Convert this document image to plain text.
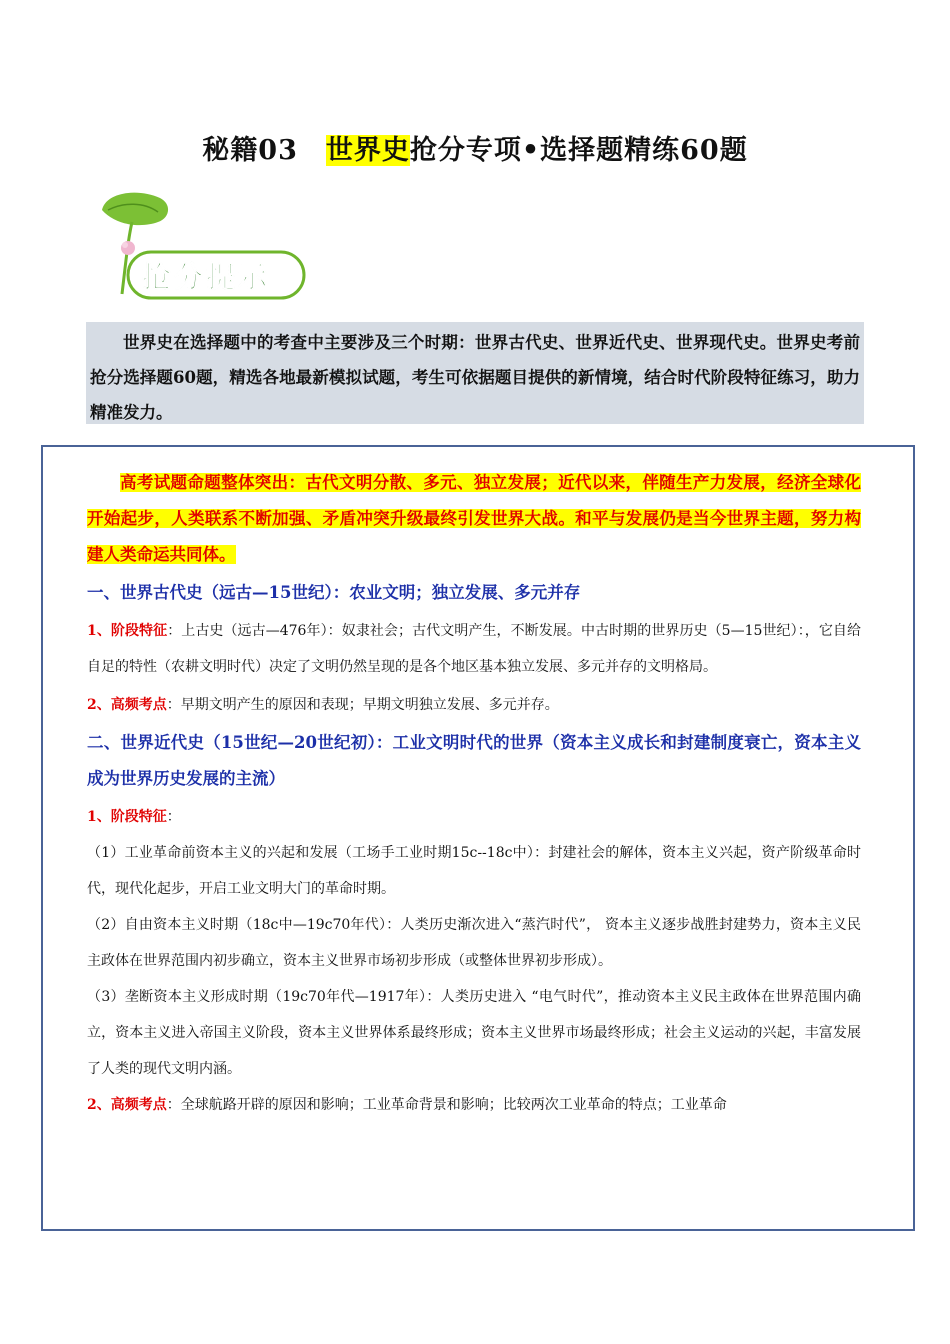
秘籍03 世界史抢分专项•选择题精练60题
抢分提示

世界史在选择题中的考查中主要涉及三个时期：世界古代史、世界近代史、世界现代史。世界史考前抢分选择题60题，精选各地最新模拟试题，考生可依据题目提供的新情境，结合时代阶段特征练习，助力精准发力。

高考试题命题整体突出：古代文明分散、多元、独立发展；近代以来，伴随生产力发展，经济全球化开始起步，人类联系不断加强、矛盾冲突升级最终引发世界大战。和平与发展仍是当今世界主题，努力构建人类命运共同体。

一、世界古代史（远古—15世纪）：农业文明；独立发展、多元并存

1、阶段特征：上古史（远古—476年）：奴隶社会；古代文明产生，不断发展。中古时期的世界历史（5—15世纪）：，它自给自足的特性（农耕文明时代）决定了文明仍然呈现的是各个地区基本独立发展、多元并存的文明格局。

2、高频考点：早期文明产生的原因和表现；早期文明独立发展、多元并存。

二、世界近代史（15世纪—20世纪初）：工业文明时代的世界（资本主义成长和封建制度衰亡，资本主义成为世界历史发展的主流）

1、阶段特征：

（1）工业革命前资本主义的兴起和发展（工场手工业时期15c--18c中）：封建社会的解体，资本主义兴起，资产阶级革命时代，现代化起步，开启工业文明大门的革命时期。

（2）自由资本主义时期（18c中—19c70年代）：人类历史渐次进入“蒸汽时代”， 资本主义逐步战胜封建势力，资本主义民主政体在世界范围内初步确立，资本主义世界市场初步形成（或整体世界初步形成）。

（3）垄断资本主义形成时期（19c70年代—1917年）：人类历史进入 “电气时代”，推动资本主义民主政体在世界范围内确立，资本主义进入帝国主义阶段，资本主义世界体系最终形成；资本主义世界市场最终形成；社会主义运动的兴起，丰富发展了人类的现代文明内涵。

2、高频考点：全球航路开辟的原因和影响；工业革命背景和影响；比较两次工业革命的特点；工业革命
